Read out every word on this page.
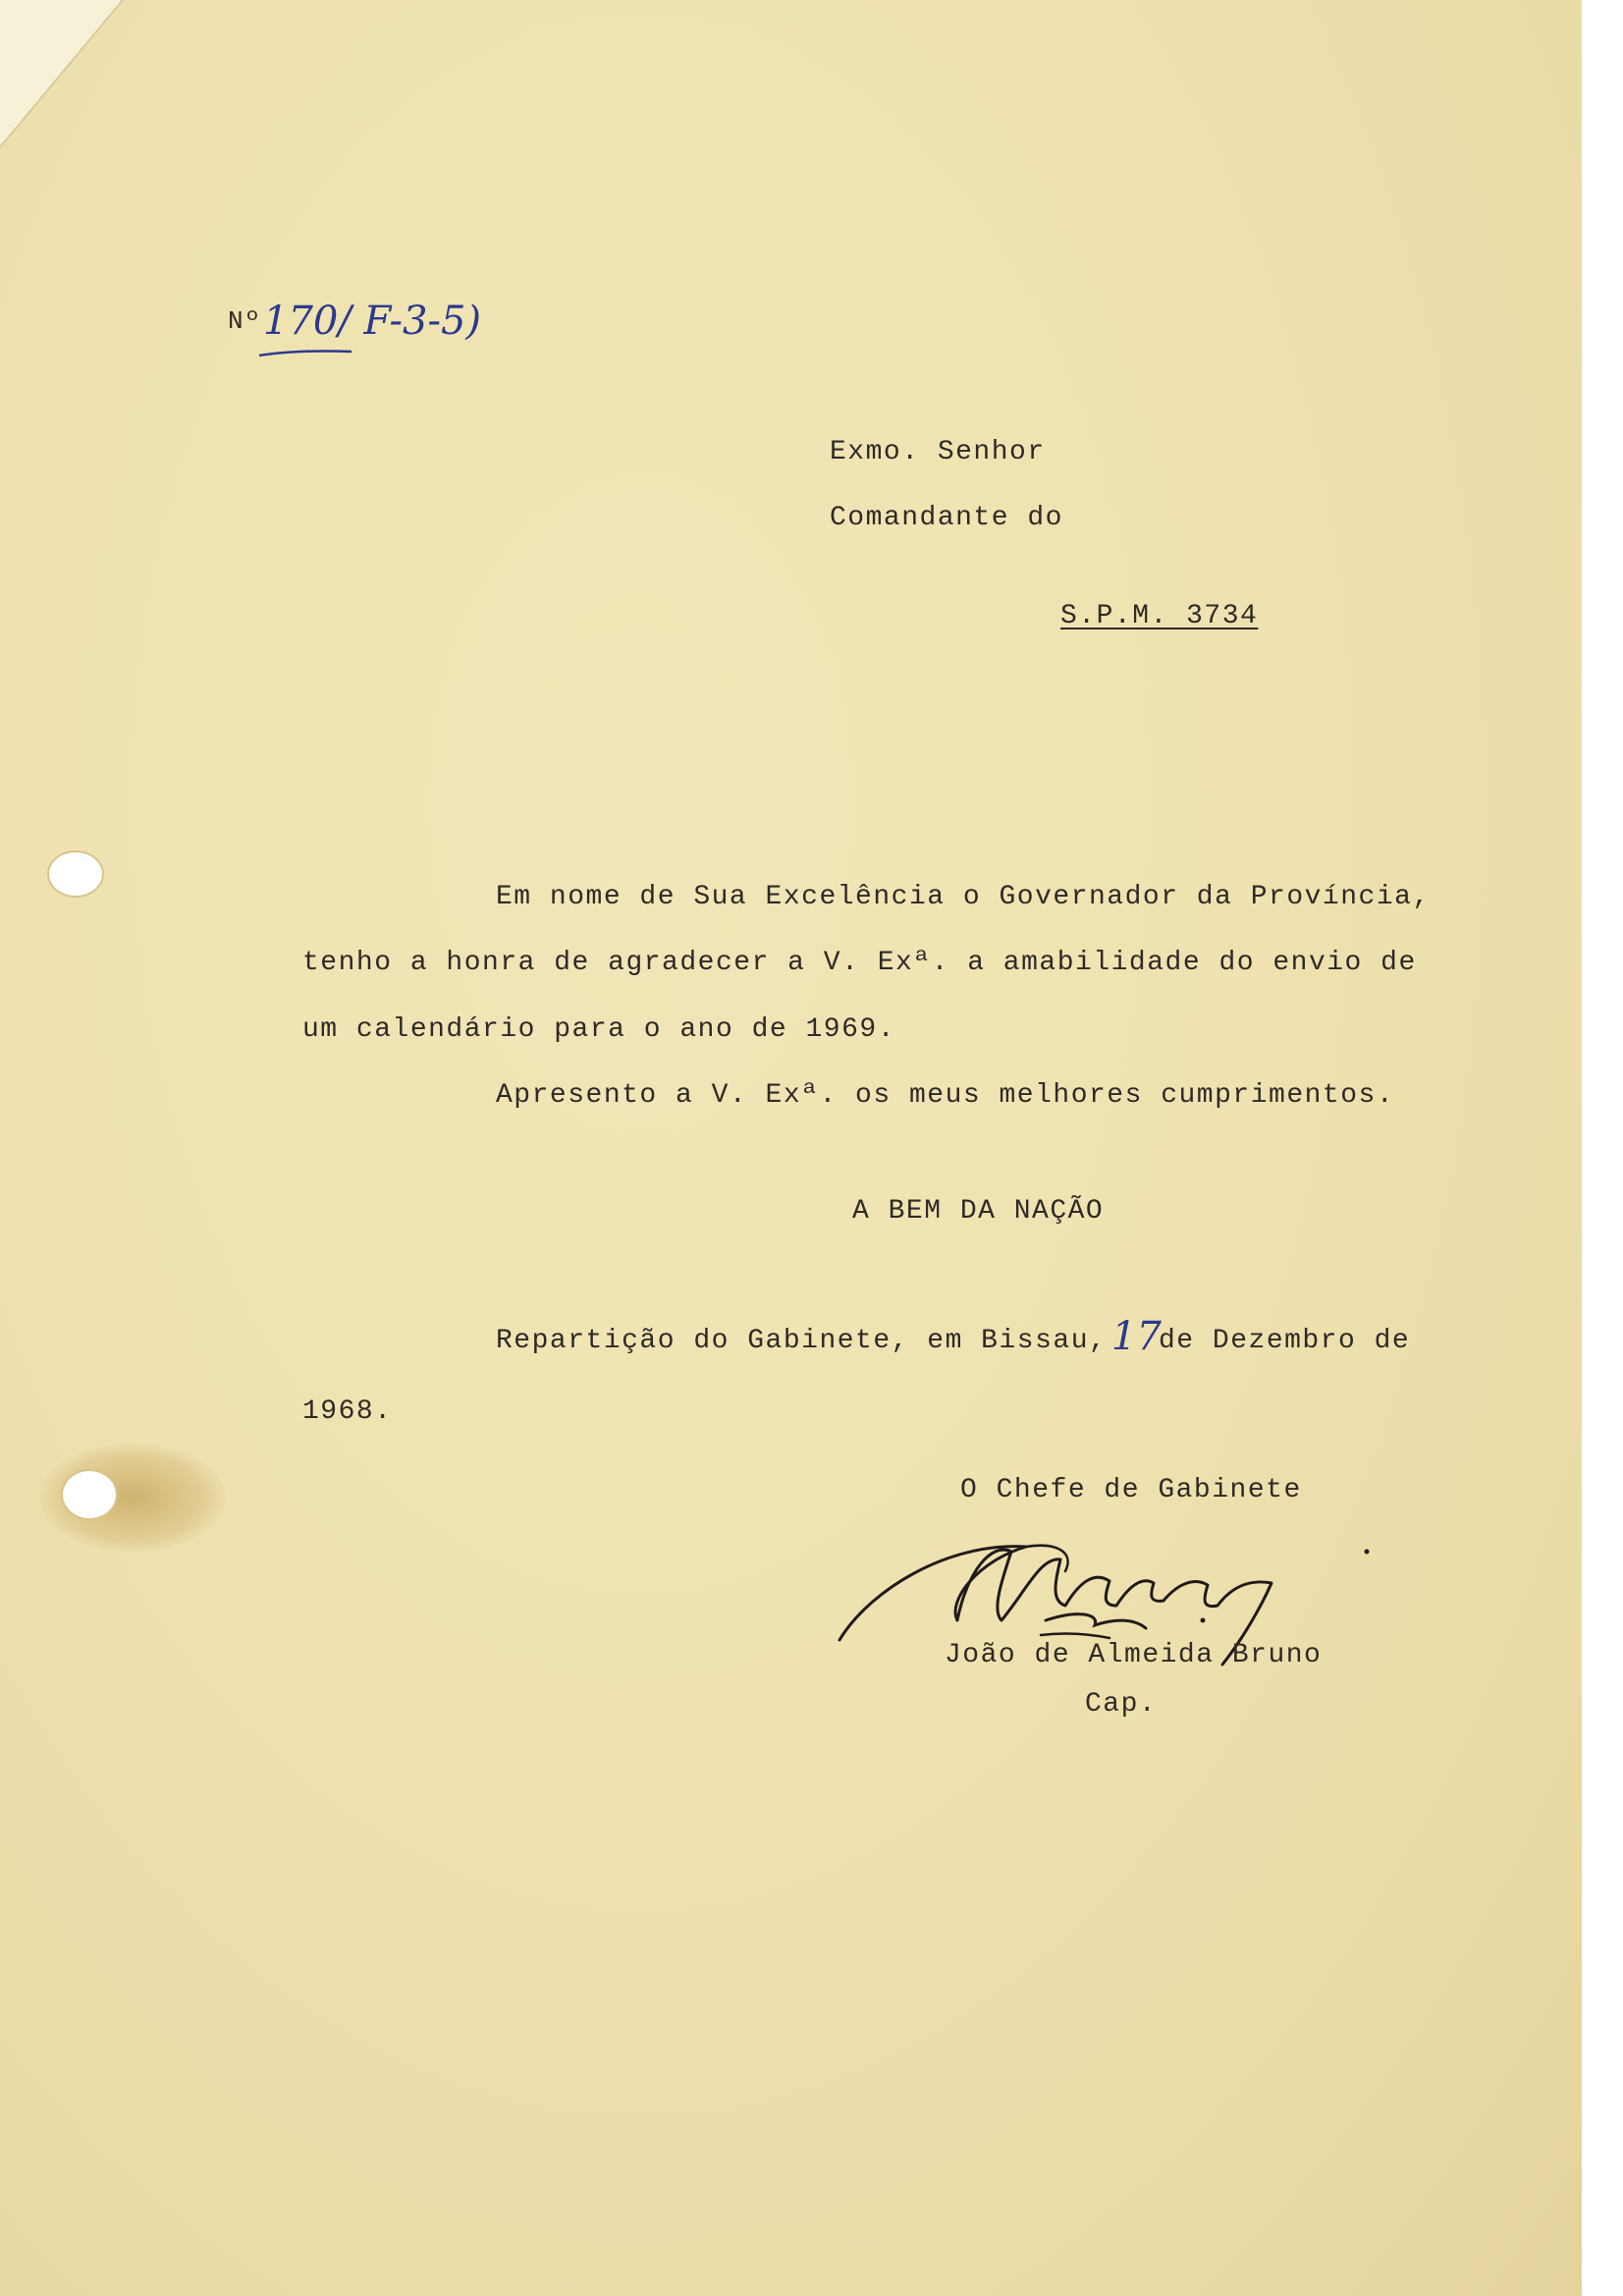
Nº 170/ F-3-5)
Exmo. Senhor
Comandante do
S.P.M. 3734
Em nome de Sua Excelência o Governador da Província,
tenho a honra de agradecer a V. Exª. a amabilidade do envio de
um calendário para o ano de 1969.
Apresento a V. Exª. os meus melhores cumprimentos.
A BEM DA NAÇÃO
Repartição do Gabinete, em Bissau, 17
de Dezembro de
1968.
O Chefe de Gabinete
João de Almeida Bruno
Cap.
